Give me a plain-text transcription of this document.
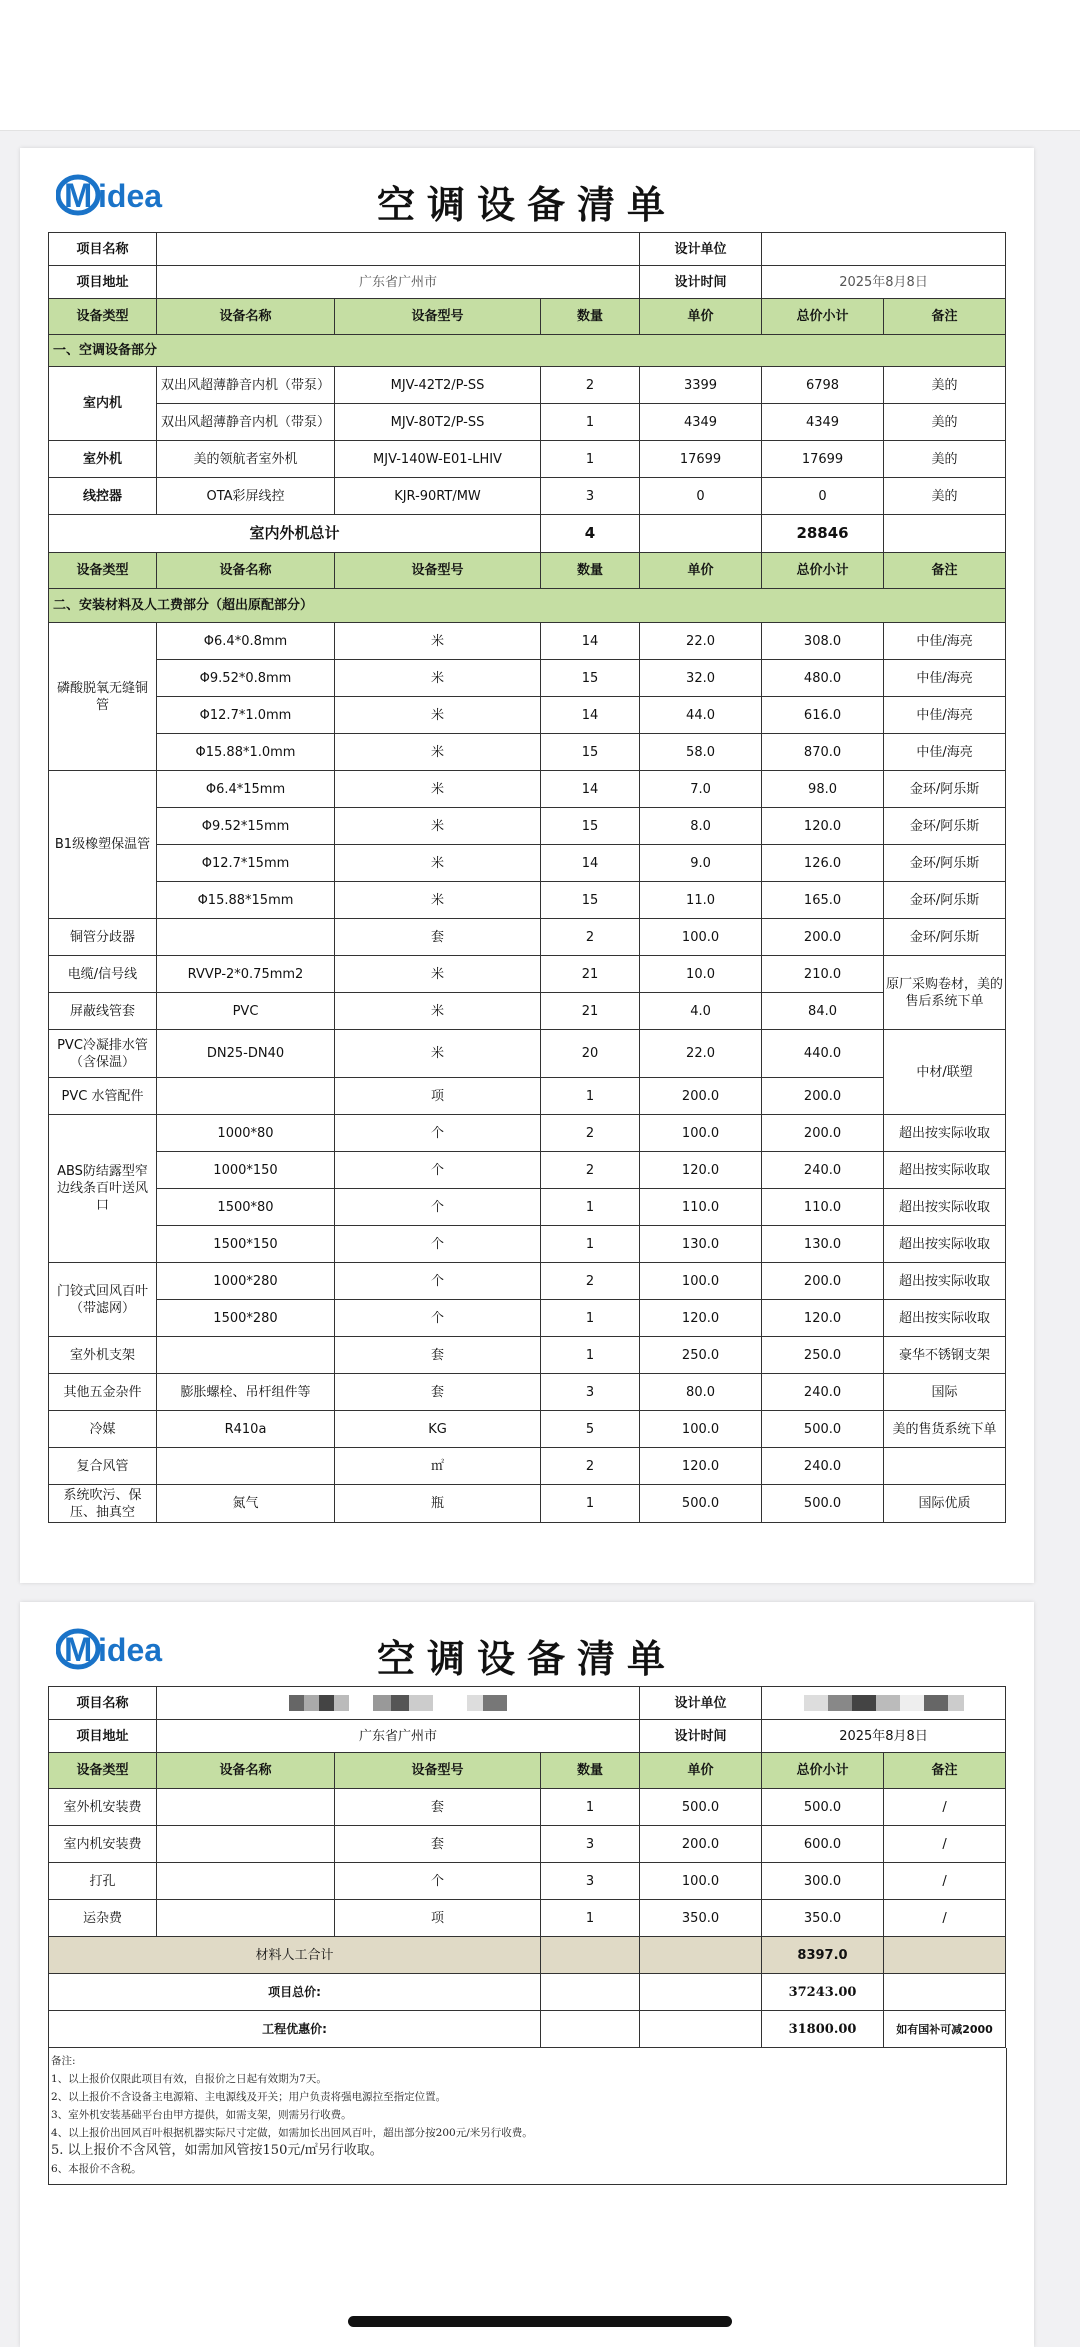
M idea	空调设备清单
项目名称				设计单位		
项目地址	广东省广州市			设计时间	2025年8月8日	
设备类型	设备名称	设备型号	数量	单价	总价小计	备注
一、空调设备部分						
室内机	双出风超薄静音内机（带泵）	MJV-42T2/P-SS	2	3399	6798	美的
	双出风超薄静音内机（带泵）	MJV-80T2/P-SS	1	4349	4349	美的
室外机	美的领航者室外机	MJV-140W-E01-LHIV	1	17699	17699	美的
线控器	OTA彩屏线控	KJR-90RT/MW	3	0	0	美的
室内外机总计			4		28846	
设备类型	设备名称	设备型号	数量	单价	总价小计	备注
二、安装材料及人工费部分（超出原配部分）						
磷酸脱氧无缝铜管	Φ6.4*0.8mm	米	14	22.0	308.0	中佳/海亮
	Φ9.52*0.8mm	米	15	32.0	480.0	中佳/海亮
	Φ12.7*1.0mm	米	14	44.0	616.0	中佳/海亮
	Φ15.88*1.0mm	米	15	58.0	870.0	中佳/海亮
B1级橡塑保温管	Φ6.4*15mm	米	14	7.0	98.0	金环/阿乐斯
	Φ9.52*15mm	米	15	8.0	120.0	金环/阿乐斯
	Φ12.7*15mm	米	14	9.0	126.0	金环/阿乐斯
	Φ15.88*15mm	米	15	11.0	165.0	金环/阿乐斯
铜管分歧器		套	2	100.0	200.0	金环/阿乐斯
电缆/信号线	RVVP-2*0.75mm2	米	21	10.0	210.0	原厂采购卷材，美的售后系统下单
屏蔽线管套	PVC	米	21	4.0	84.0	
PVC冷凝排水管（含保温）	DN25-DN40	米	20	22.0	440.0	中材/联塑
PVC 水管配件		项	1	200.0	200.0	
ABS防结露型窄边线条百叶送风口	1000*80	个	2	100.0	200.0	超出按实际收取
	1000*150	个	2	120.0	240.0	超出按实际收取
	1500*80	个	1	110.0	110.0	超出按实际收取
	1500*150	个	1	130.0	130.0	超出按实际收取
门铰式回风百叶（带滤网）	1000*280	个	2	100.0	200.0	超出按实际收取
	1500*280	个	1	120.0	120.0	超出按实际收取
室外机支架		套	1	250.0	250.0	豪华不锈钢支架
其他五金杂件	膨胀螺栓、吊杆组件等	套	3	80.0	240.0	国际
冷媒	R410a	KG	5	100.0	500.0	美的售货系统下单
复合风管		㎡	2	120.0	240.0	
系统吹污、保压、抽真空	氮气	瓶	1	500.0	500.0	国际优质
M idea	空调设备清单
项目名称				设计单位		
项目地址	广东省广州市			设计时间	2025年8月8日	
设备类型	设备名称	设备型号	数量	单价	总价小计	备注
室外机安装费		套	1	500.0	500.0	/
室内机安装费		套	3	200.0	600.0	/
打孔		个	3	100.0	300.0	/
运杂费		项	1	350.0	350.0	/
材料人工合计					8397.0	
项目总价:					37243.00	
工程优惠价:					31800.00	如有国补可减2000
备注:
1、以上报价仅限此项目有效，自报价之日起有效期为7天。
2、以上报价不含设备主电源箱、主电源线及开关；用户负责将强电源拉至指定位置。
3、室外机安装基础平台由甲方提供，如需支架，则需另行收费。
4、以上报价出回风百叶根据机器实际尺寸定做，如需加长出回风百叶，超出部分按200元/米另行收费。
5. 以上报价不含风管，如需加风管按150元/㎡另行收取。
6、本报价不含税。
